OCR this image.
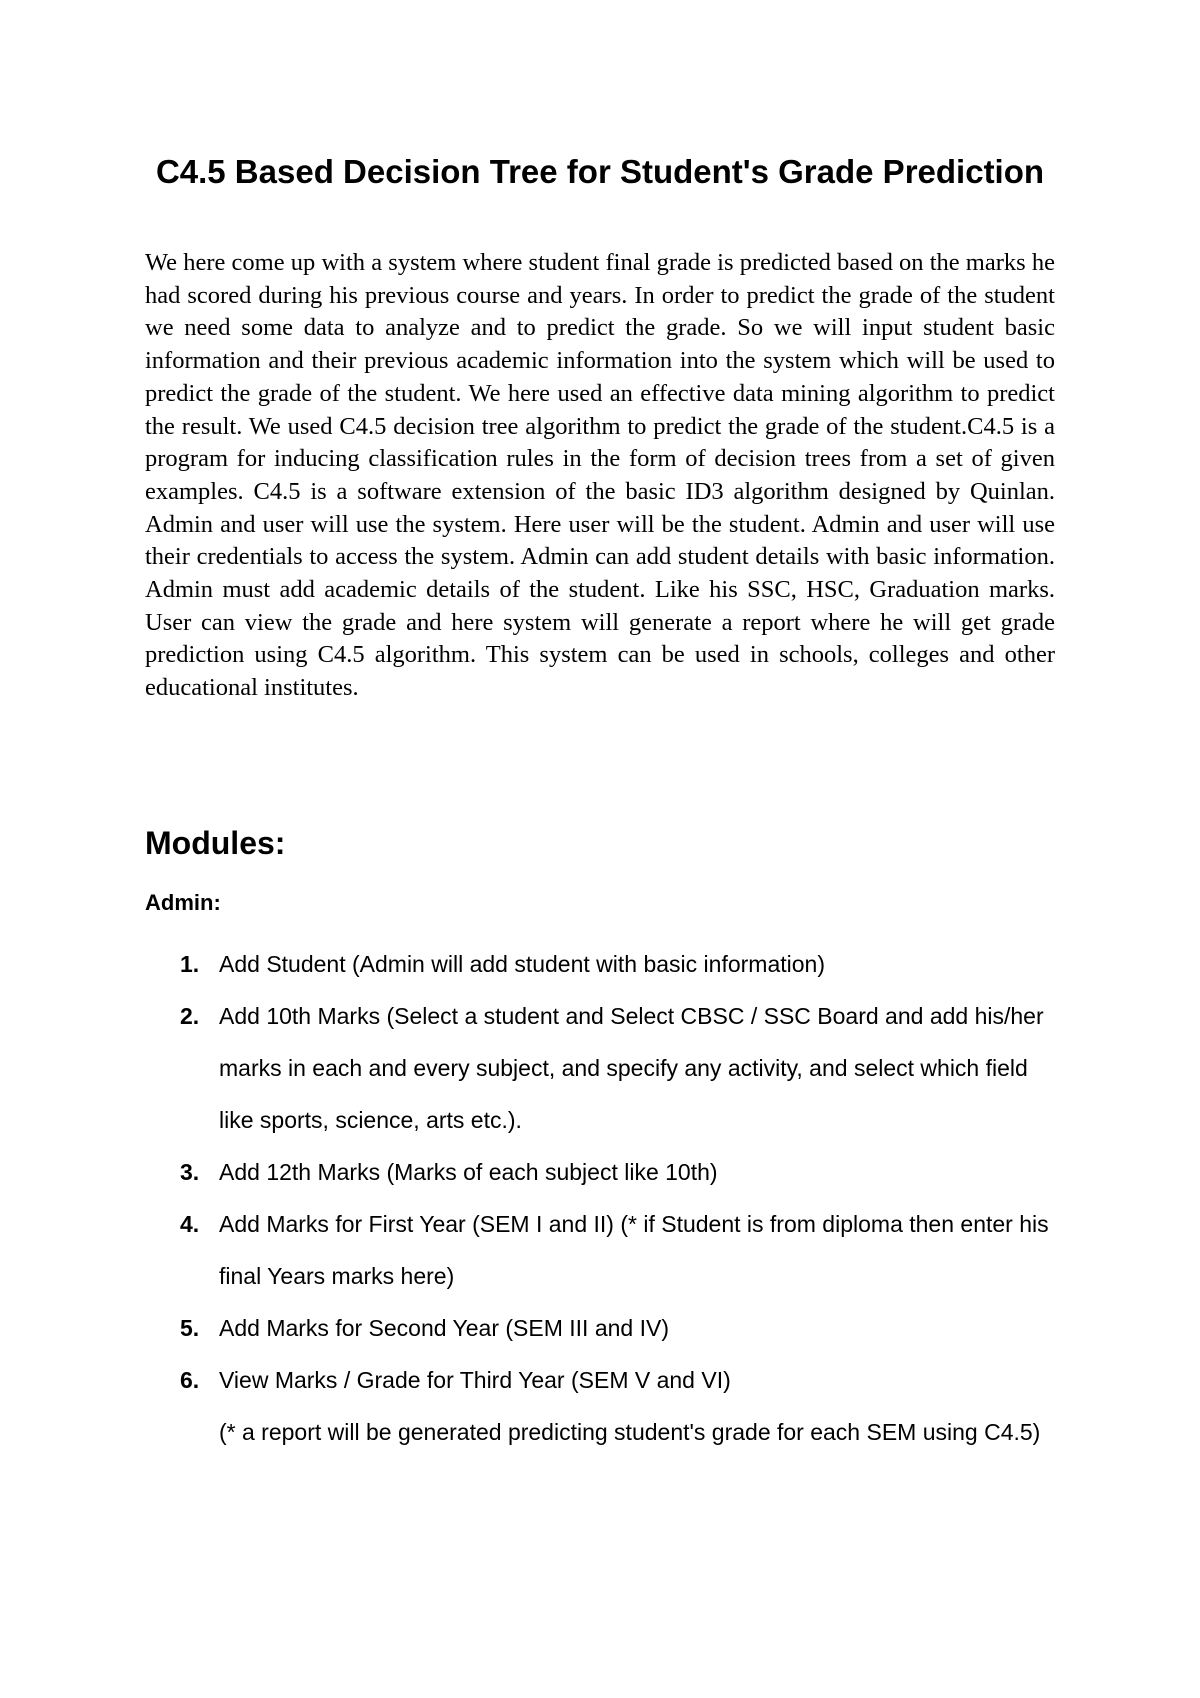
C4.5 Based Decision Tree for Student's Grade Prediction

We here come up with a system where student final grade is predicted based on the marks he had scored during his previous course and years. In order to predict the grade of the student we need some data to analyze and to predict the grade. So we will input student basic information and their previous academic information into the system which will be used to predict the grade of the student. We here used an effective data mining algorithm to predict the result. We used C4.5 decision tree algorithm to predict the grade of the student.C4.5 is a program for inducing classification rules in the form of decision trees from a set of given examples. C4.5 is a software extension of the basic ID3 algorithm designed by Quinlan. Admin and user will use the system. Here user will be the student. Admin and user will use their credentials to access the system. Admin can add student details with basic information. Admin must add academic details of the student. Like his SSC, HSC, Graduation marks. User can view the grade and here system will generate a report where he will get grade prediction using C4.5 algorithm. This system can be used in schools, colleges and other educational institutes.

Modules:
Admin:
1. Add Student (Admin will add student with basic information)
2. Add 10th Marks (Select a student and Select CBSC / SSC Board and add his/her marks in each and every subject, and specify any activity, and select which field like sports, science, arts etc.).
3. Add 12th Marks (Marks of each subject like 10th)
4. Add Marks for First Year (SEM I and II) (* if Student is from diploma then enter his final Years marks here)
5. Add Marks for Second Year (SEM III and IV)
6. View Marks / Grade for Third Year (SEM V and VI)
(* a report will be generated predicting student's grade for each SEM using C4.5)
